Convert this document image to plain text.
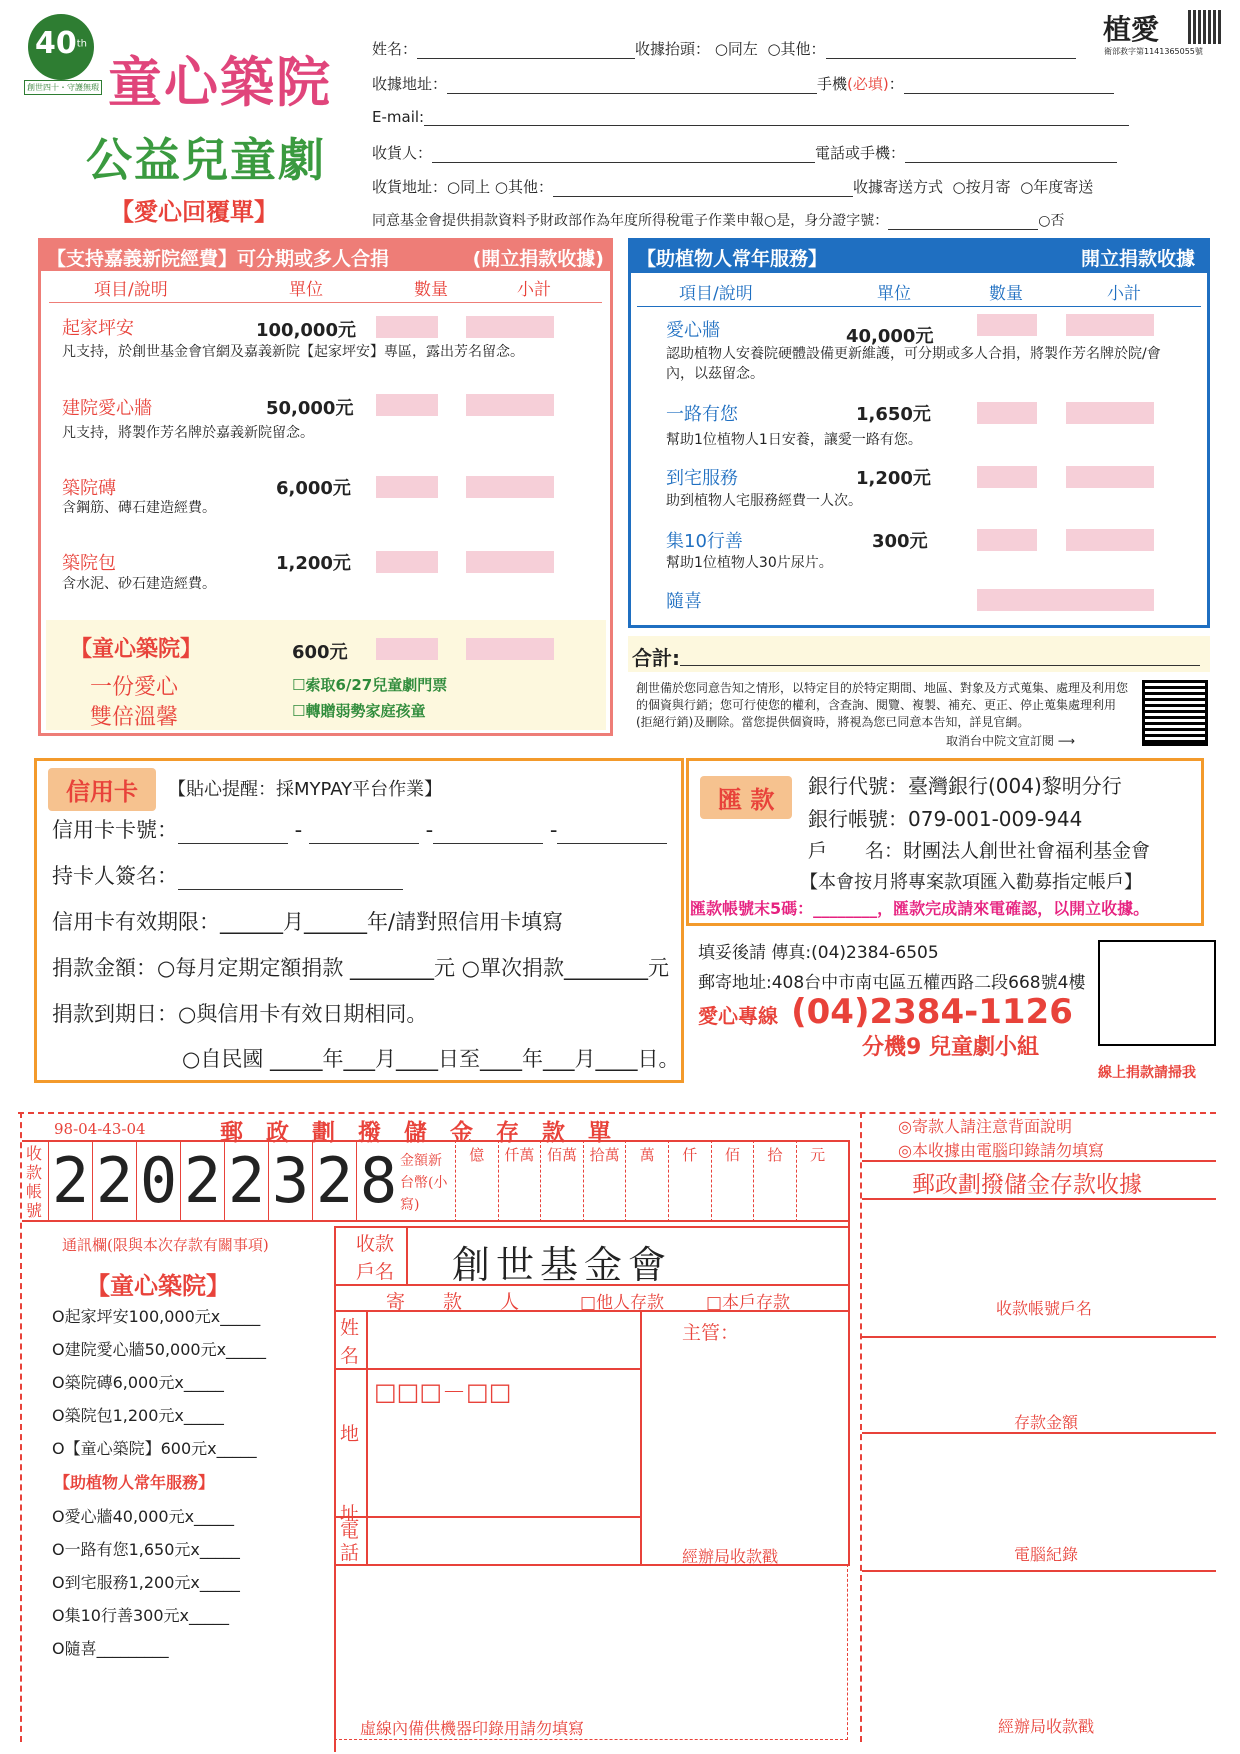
40th
創世四十・守護無瑕 童心築院
公益兒童劇
【愛心回覆單】
植愛
衛部救字第1141365055號
姓名：	收據抬頭： ○同左 ○其他：
收據地址：	手機(必填)：
E-mail:
收貨人：	電話或手機：
收貨地址：○同上 ○其他：	收據寄送方式 ○按月寄 ○年度寄送
同意基金會提供捐款資料予財政部作為年度所得稅電子作業申報○是，身分證字號：	○否
【支持嘉義新院經費】可分期或多人合捐	(開立捐款收據)
項目/說明	單位	數量	小計
起家坪安	100,000元
凡支持，於創世基金會官網及嘉義新院【起家坪安】專區，露出芳名留念。
建院愛心牆	50,000元
凡支持，將製作芳名牌於嘉義新院留念。
築院磚	6,000元
含鋼筋、磚石建造經費。
築院包	1,200元
含水泥、砂石建造經費。
【童心築院】	600元
一份愛心
雙倍溫馨
☐索取6/27兒童劇門票
☐轉贈弱勢家庭孩童
【助植物人常年服務】	開立捐款收據
項目/說明	單位	數量	小計
愛心牆	40,000元
認助植物人安養院硬體設備更新維護，可分期或多人合捐，將製作芳名牌於院/會內，以茲留念。
一路有您	1,650元
幫助1位植物人1日安養，讓愛一路有您。
到宅服務	1,200元
助到植物人宅服務經費一人次。
集10行善	300元
幫助1位植物人30片尿片。
隨喜
合計:
創世備於您同意告知之情形，以特定目的於特定期間、地區、對象及方式蒐集、處理及利用您的個資與行銷；您可行使您的權利，含查詢、閱覽、複製、補充、更正、停止蒐集處理利用(拒絕行銷)及刪除。當您提供個資時，將視為您已同意本告知，詳見官網。
取消台中院文宣訂閱 ⟶
信用卡	【貼心提醒：採MYPAY平台作業】
信用卡卡號：	-	-	-
持卡人簽名：
信用卡有效期限：______月______年/請對照信用卡填寫
捐款金額：○每月定期定額捐款 ________元 ○單次捐款________元
捐款到期日：○與信用卡有效日期相同。
○自民國 _____年___月____日至____年___月____日。
匯 款	銀行代號：臺灣銀行(004)黎明分行
銀行帳號：079-001-009-944
戶　　名：財團法人創世社會福利基金會
【本會按月將專案款項匯入勸募指定帳戶】
匯款帳號末5碼：________，匯款完成請來電確認，以開立收據。
填妥後請 傳真:(04)2384-6505
郵寄地址:408台中市南屯區五權西路二段668號4樓
愛心專線 (04)2384-1126
分機9 兒童劇小組
線上捐款請掃我
98-04-43-04	郵　政　劃　撥　儲　金　存　款　單
收款帳號 2 2 0 2 2 3 2 8 金額新台幣(小寫)
億	仟萬 佰萬 拾萬	萬	仟	佰	拾	元
◎寄款人請注意背面說明
◎本收據由電腦印錄請勿填寫
郵政劃撥儲金存款收據
通訊欄(限與本次存款有關事項)
【童心築院】
O起家坪安100,000元x_____
O建院愛心牆50,000元x_____
O築院磚6,000元x_____
O築院包1,200元x_____
O【童心築院】600元x_____
【助植物人常年服務】
O愛心牆40,000元x_____
O一路有您1,650元x_____
O到宅服務1,200元x_____
O集10行善300元x_____
O隨喜_________
收款戶名	創世基金會
寄　　款　　人	□他人存款 □本戶存款
姓名
地址
□□□－□□
電話
主管：
經辦局收款戳
虛線內備供機器印錄用請勿填寫
收款帳號戶名
存款金額
電腦紀錄
經辦局收款戳
